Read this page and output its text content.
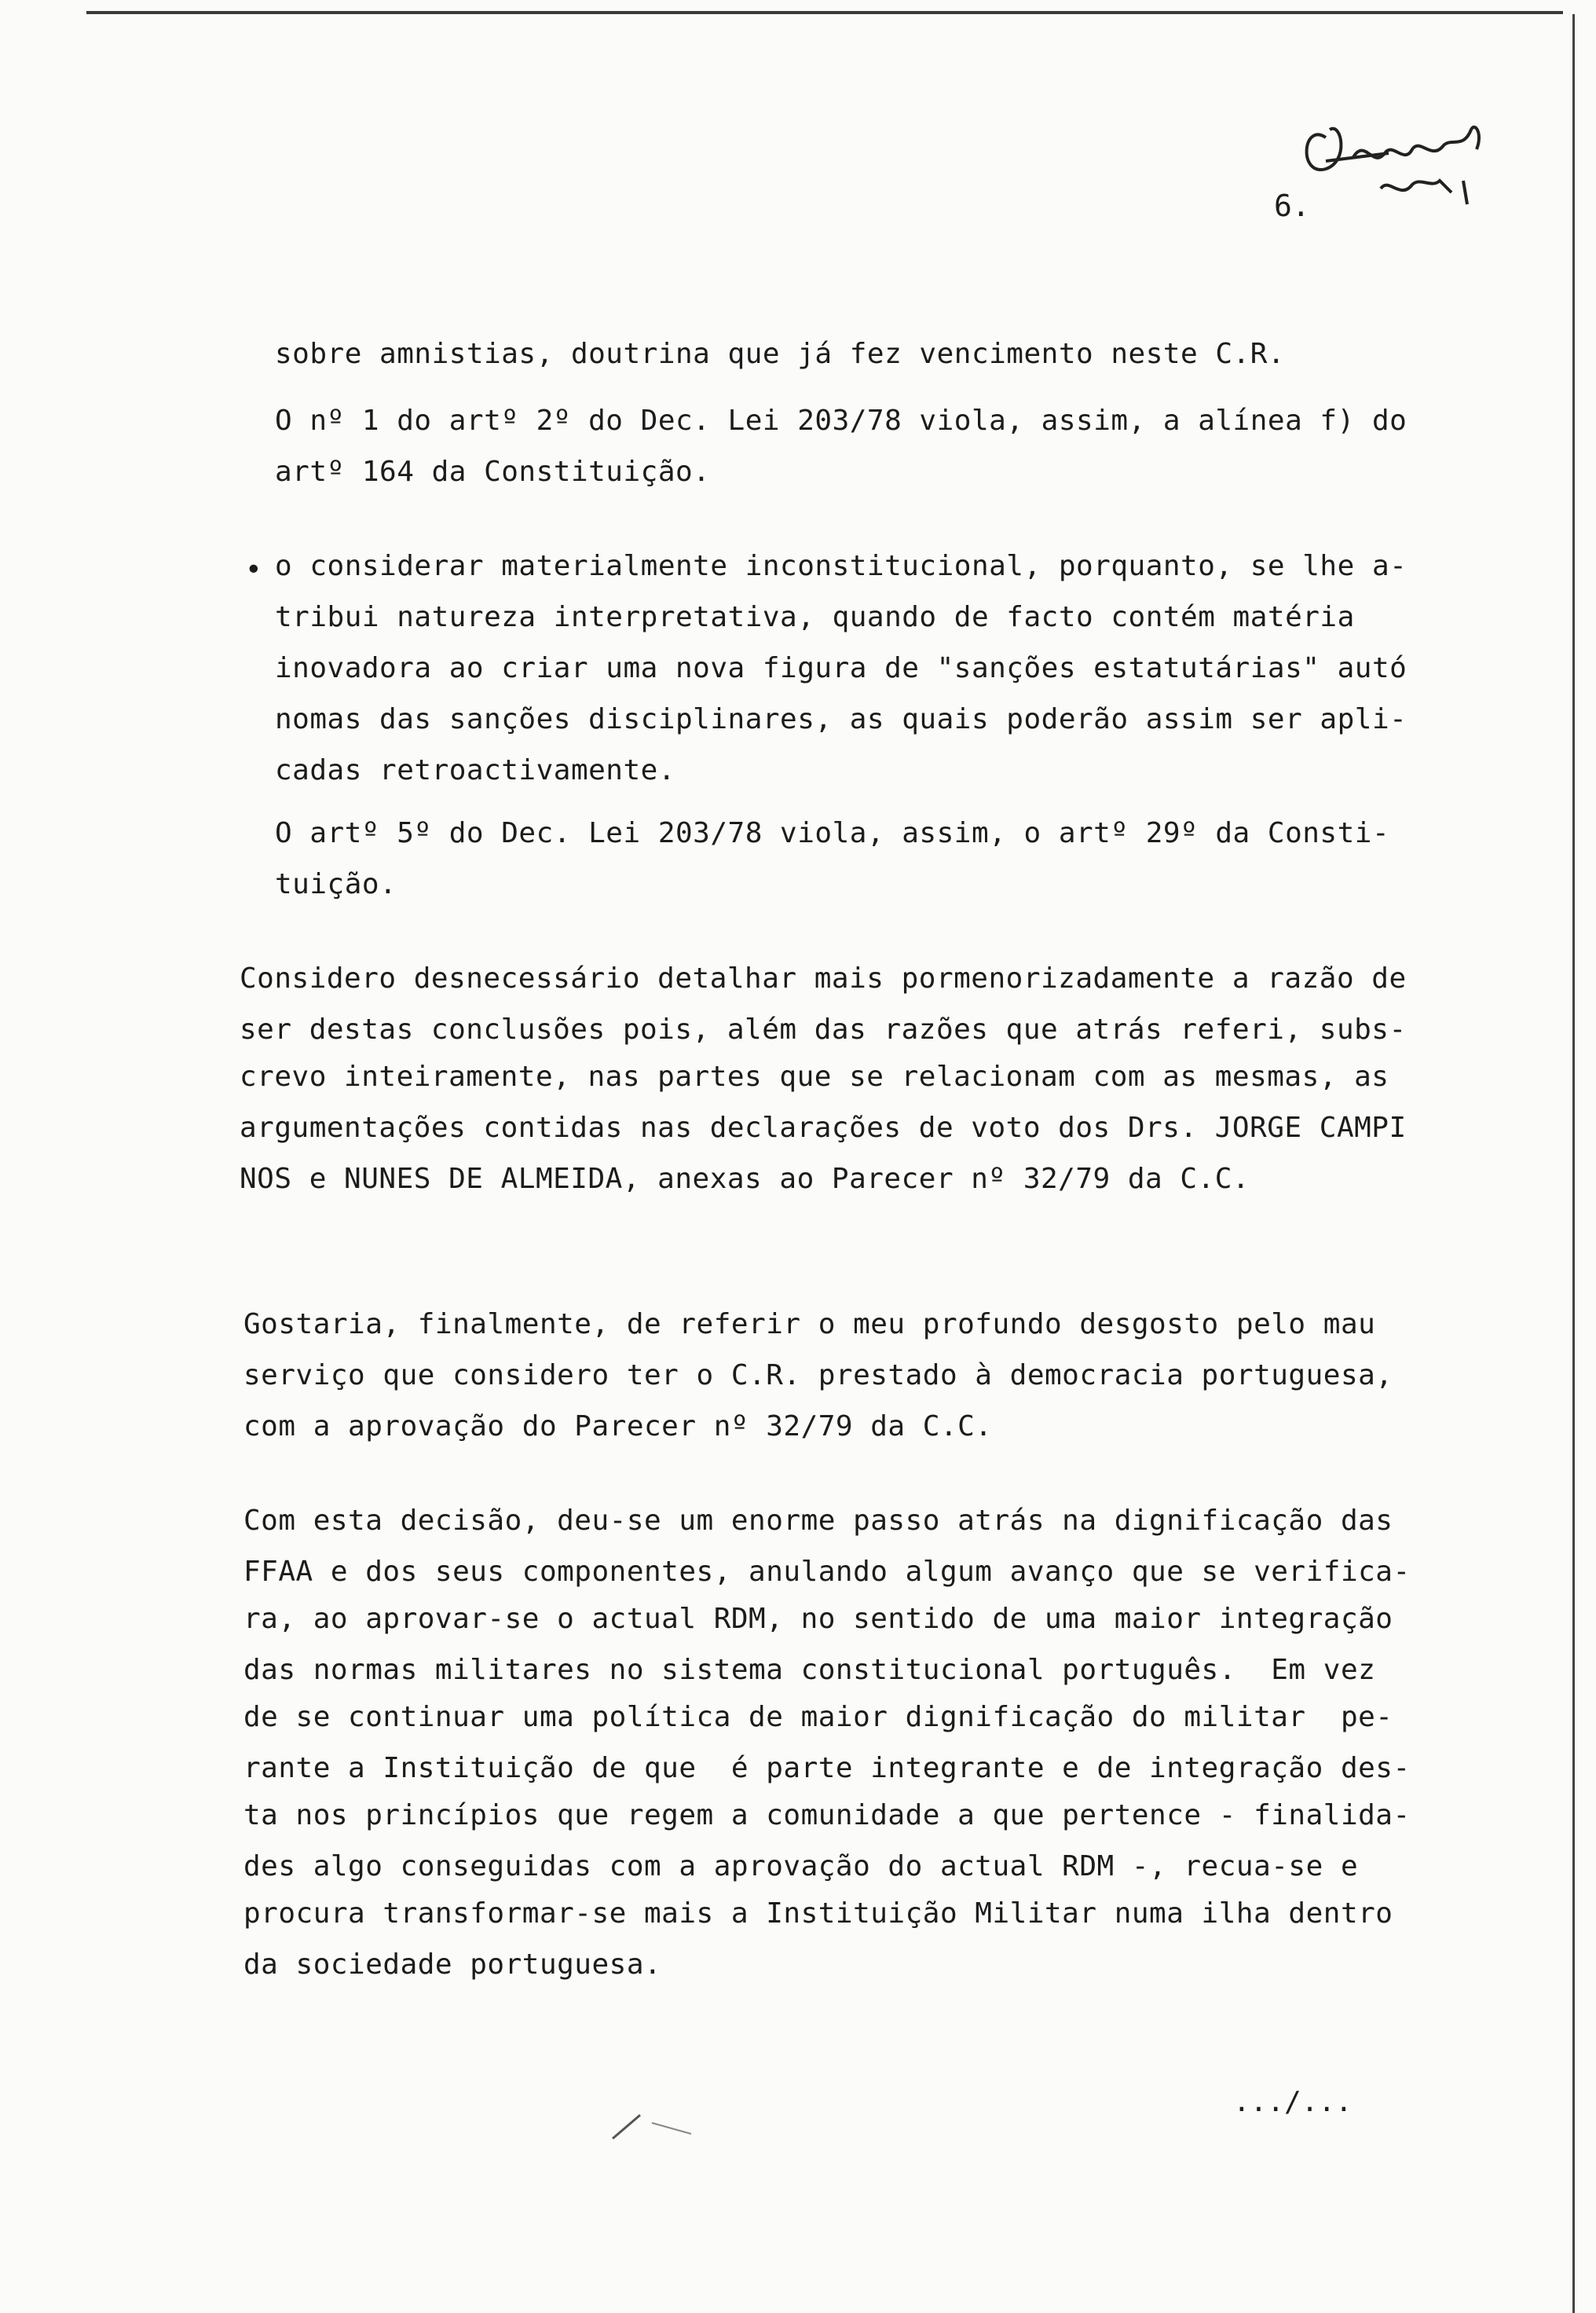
6.
sobre amnistias, doutrina que já fez vencimento neste C.R.
O nº 1 do artº 2º do Dec. Lei 203/78 viola, assim, a alínea f) do
artº 164 da Constituição.
• o considerar materialmente inconstitucional, porquanto, se lhe a-
tribui natureza interpretativa, quando de facto contém matéria
inovadora ao criar uma nova figura de "sanções estatutárias" autó
nomas das sanções disciplinares, as quais poderão assim ser apli-
cadas retroactivamente.
O artº 5º do Dec. Lei 203/78 viola, assim, o artº 29º da Consti-
tuição.
Considero desnecessário detalhar mais pormenorizadamente a razão de
ser destas conclusões pois, além das razões que atrás referi, subs-
crevo inteiramente, nas partes que se relacionam com as mesmas, as
argumentações contidas nas declarações de voto dos Drs. JORGE CAMPI
NOS e NUNES DE ALMEIDA, anexas ao Parecer nº 32/79 da C.C.
Gostaria, finalmente, de referir o meu profundo desgosto pelo mau
serviço que considero ter o C.R. prestado à democracia portuguesa,
com a aprovação do Parecer nº 32/79 da C.C.
Com esta decisão, deu-se um enorme passo atrás na dignificação das
FFAA e dos seus componentes, anulando algum avanço que se verifica-
ra, ao aprovar-se o actual RDM, no sentido de uma maior integração
das normas militares no sistema constitucional português.  Em vez
de se continuar uma política de maior dignificação do militar  pe-
rante a Instituição de que  é parte integrante e de integração des-
ta nos princípios que regem a comunidade a que pertence - finalida-
des algo conseguidas com a aprovação do actual RDM -, recua-se e
procura transformar-se mais a Instituição Militar numa ilha dentro
da sociedade portuguesa.
.../...
